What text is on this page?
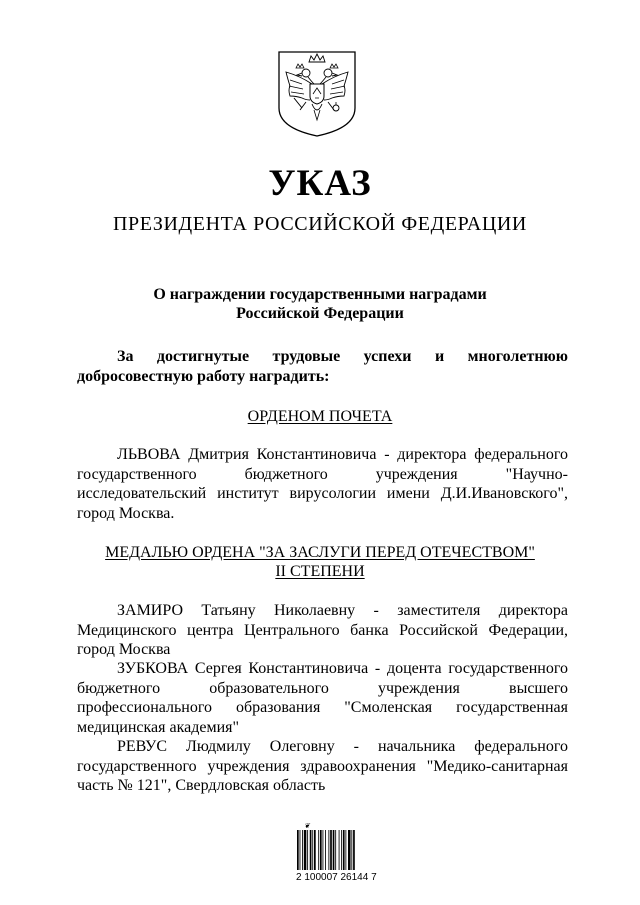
УКАЗ
ПРЕЗИДЕНТА РОССИЙСКОЙ ФЕДЕРАЦИИ
О награждении государственными наградами
Российской Федерации
За достигнутые трудовые успехи и многолетнюю
добросовестную работу наградить:
ОРДЕНОМ ПОЧЕТА
ЛЬВОВА Дмитрия Константиновича - директора федерального
государственного бюджетного учреждения "Научно-
исследовательский институт вирусологии имени Д.И.Ивановского",
город Москва.
МЕДАЛЬЮ ОРДЕНА "ЗА ЗАСЛУГИ ПЕРЕД ОТЕЧЕСТВОМ"
II СТЕПЕНИ
ЗАМИРО Татьяну Николаевну - заместителя директора
Медицинского центра Центрального банка Российской Федерации,
город Москва
ЗУБКОВА Сергея Константиновича - доцента государственного
бюджетного образовательного учреждения высшего
профессионального образования "Смоленская государственная
медицинская академия"
РЕВУС Людмилу Олеговну - начальника федерального
государственного учреждения здравоохранения "Медико-санитарная
часть № 121", Свердловская область
❦
2 100007 26144 7
